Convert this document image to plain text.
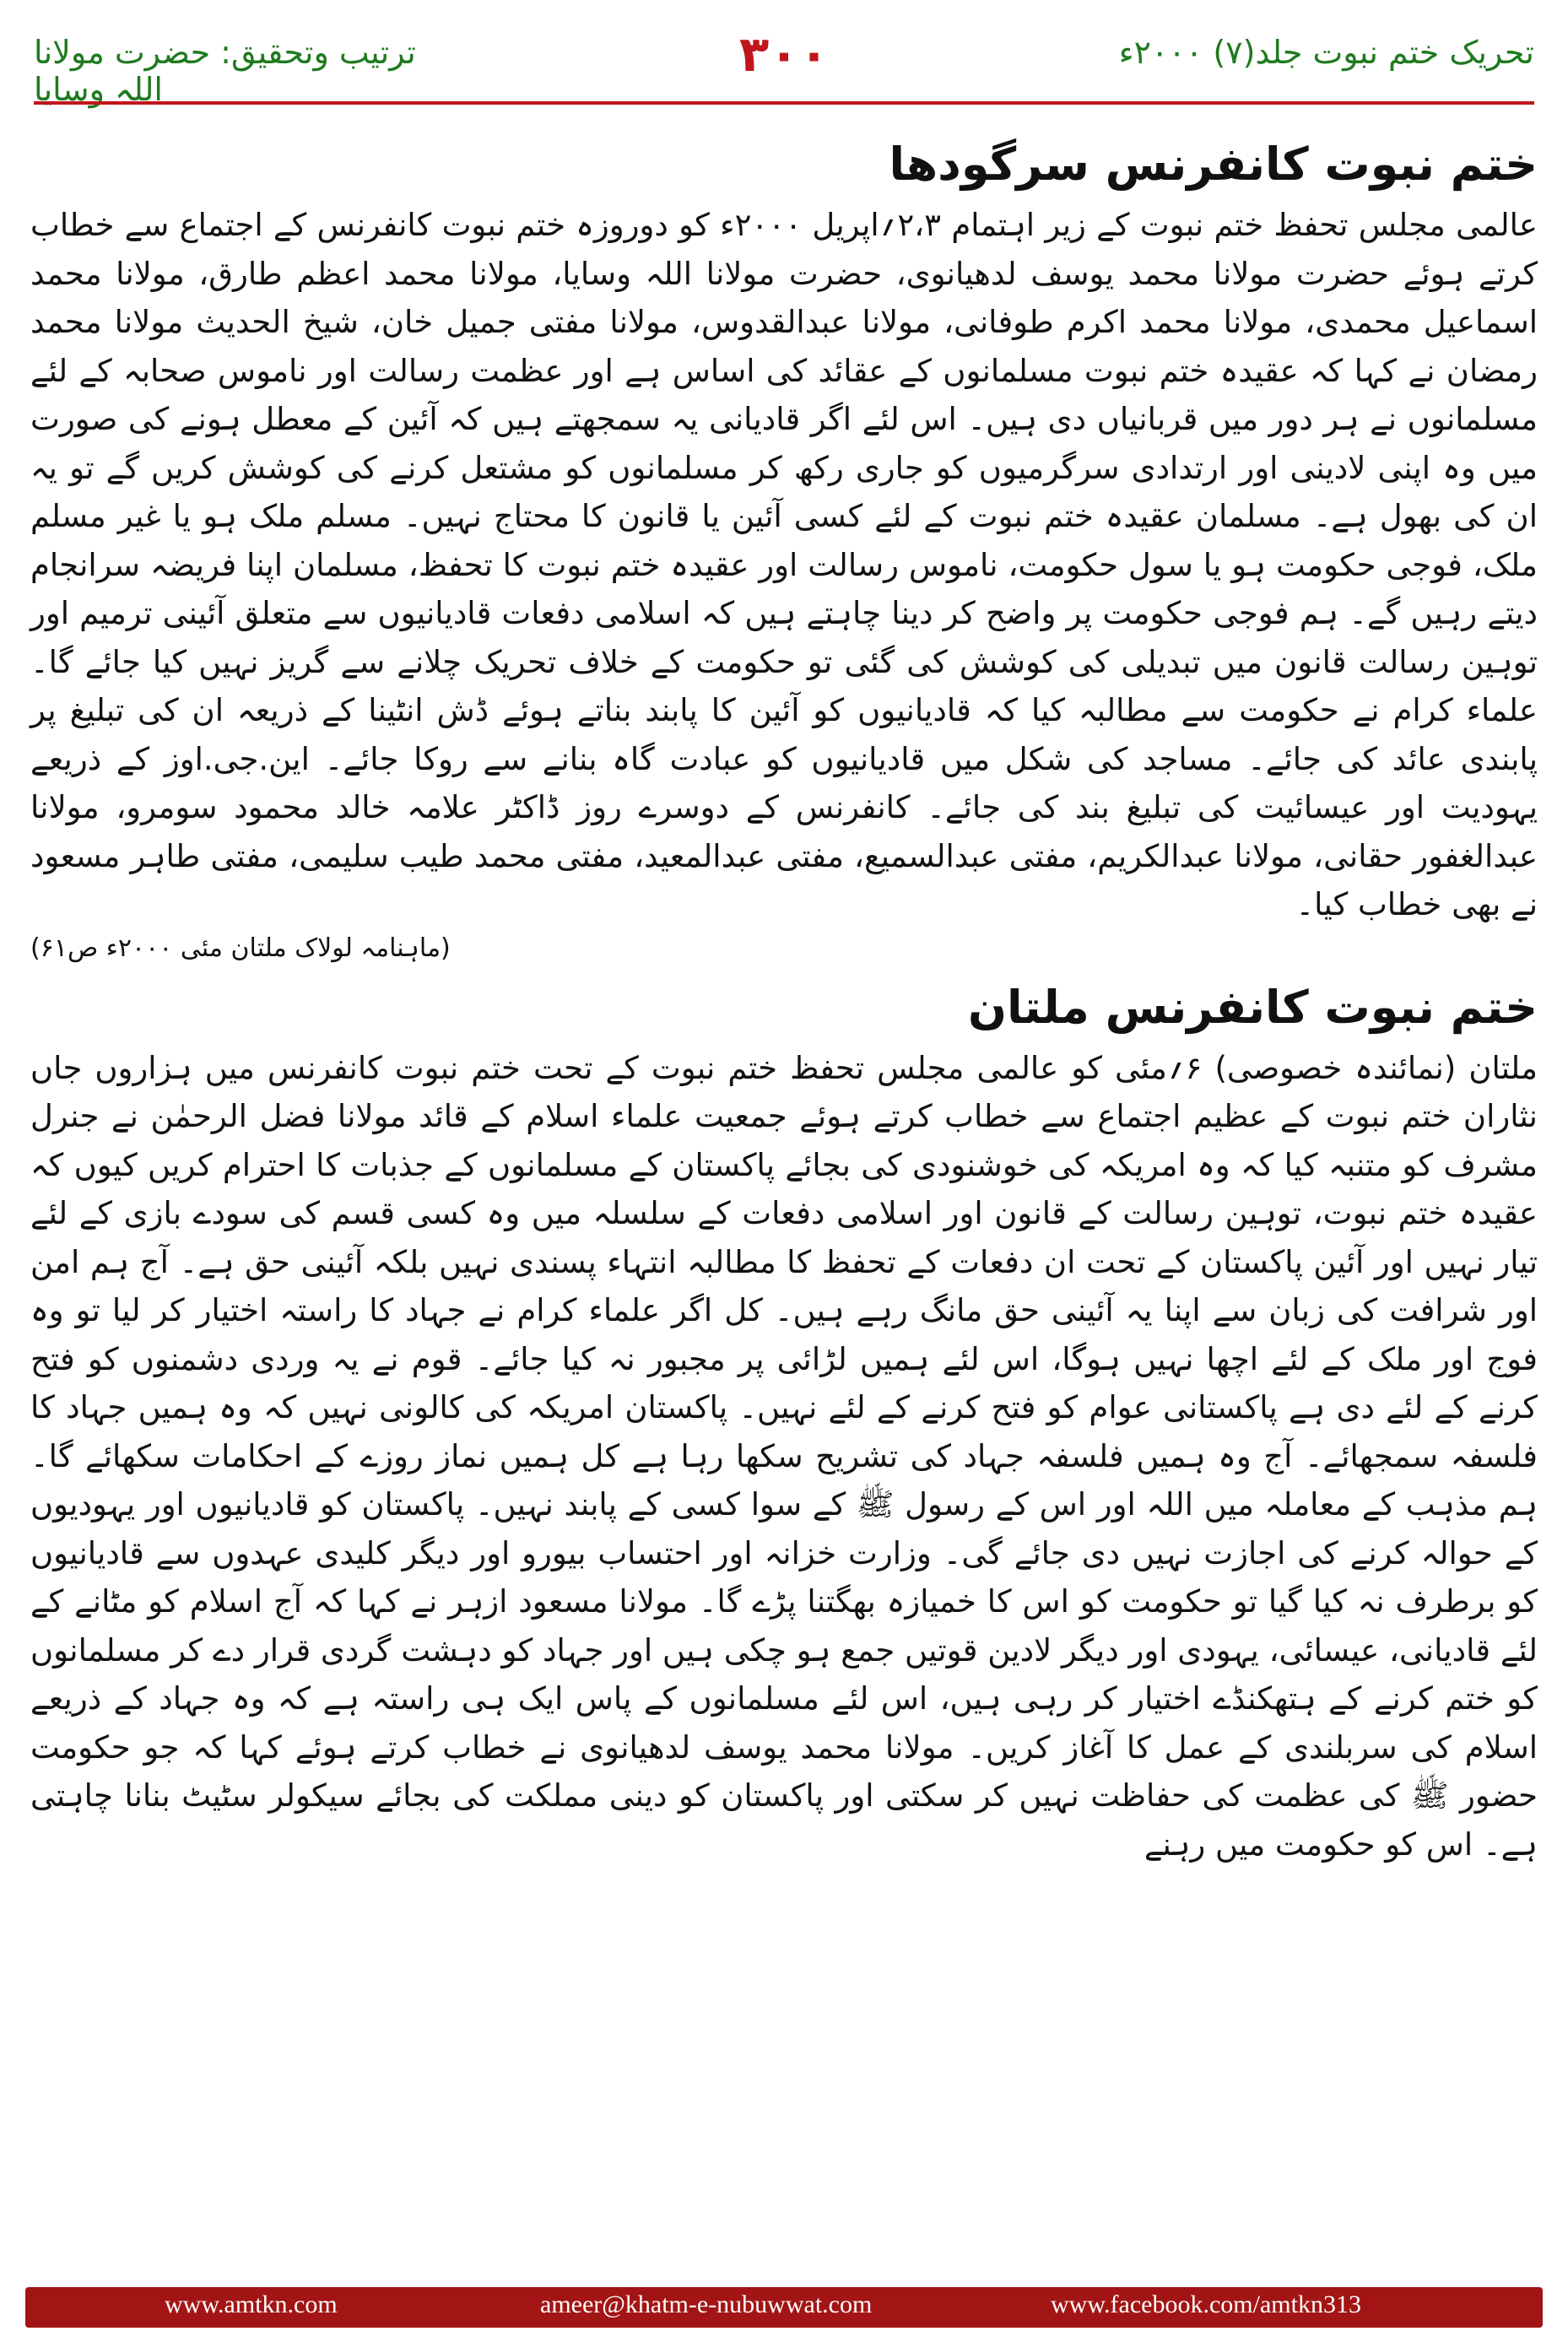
ترتیب وتحقیق: حضرت مولانا اللہ وسایا
۳۰۰	تحریک ختم نبوت جلد(۷) ۲۰۰۰ء
ختم نبوت کانفرنس سرگودھا

عالمی مجلس تحفظ ختم نبوت کے زیر اہتمام ۲،۳؍اپریل ۲۰۰۰ء کو دوروزہ ختم نبوت کانفرنس کے اجتماع سے خطاب کرتے ہوئے حضرت مولانا محمد یوسف لدھیانوی، حضرت مولانا اللہ وسایا، مولانا محمد اعظم طارق، مولانا محمد اسماعیل محمدی، مولانا محمد اکرم طوفانی، مولانا عبدالقدوس، مولانا مفتی جمیل خان، شیخ الحدیث مولانا محمد رمضان نے کہا کہ عقیدہ ختم نبوت مسلمانوں کے عقائد کی اساس ہے اور عظمت رسالت اور ناموس صحابہ کے لئے مسلمانوں نے ہر دور میں قربانیاں دی ہیں۔ اس لئے اگر قادیانی یہ سمجھتے ہیں کہ آئین کے معطل ہونے کی صورت میں وہ اپنی لادینی اور ارتدادی سرگرمیوں کو جاری رکھ کر مسلمانوں کو مشتعل کرنے کی کوشش کریں گے تو یہ ان کی بھول ہے۔ مسلمان عقیدہ ختم نبوت کے لئے کسی آئین یا قانون کا محتاج نہیں۔ مسلم ملک ہو یا غیر مسلم ملک، فوجی حکومت ہو یا سول حکومت، ناموس رسالت اور عقیدہ ختم نبوت کا تحفظ، مسلمان اپنا فریضہ سرانجام دیتے رہیں گے۔ ہم فوجی حکومت پر واضح کر دینا چاہتے ہیں کہ اسلامی دفعات قادیانیوں سے متعلق آئینی ترمیم اور توہین رسالت قانون میں تبدیلی کی کوشش کی گئی تو حکومت کے خلاف تحریک چلانے سے گریز نہیں کیا جائے گا۔ علماء کرام نے حکومت سے مطالبہ کیا کہ قادیانیوں کو آئین کا پابند بناتے ہوئے ڈش انٹینا کے ذریعہ ان کی تبلیغ پر پابندی عائد کی جائے۔ مساجد کی شکل میں قادیانیوں کو عبادت گاہ بنانے سے روکا جائے۔ این.جی.اوز کے ذریعے یہودیت اور عیسائیت کی تبلیغ بند کی جائے۔ کانفرنس کے دوسرے روز ڈاکٹر علامہ خالد محمود سومرو، مولانا عبدالغفور حقانی، مولانا عبدالکریم، مفتی عبدالسمیع، مفتی عبدالمعید، مفتی محمد طیب سلیمی، مفتی طاہر مسعود نے بھی خطاب کیا۔

(ماہنامہ لولاک ملتان مئی ۲۰۰۰ء ص۶۱)
ختم نبوت کانفرنس ملتان

ملتان (نمائندہ خصوصی) ۶؍مئی کو عالمی مجلس تحفظ ختم نبوت کے تحت ختم نبوت کانفرنس میں ہزاروں جاں نثاران ختم نبوت کے عظیم اجتماع سے خطاب کرتے ہوئے جمعیت علماء اسلام کے قائد مولانا فضل الرحمٰن نے جنرل مشرف کو متنبہ کیا کہ وہ امریکہ کی خوشنودی کی بجائے پاکستان کے مسلمانوں کے جذبات کا احترام کریں کیوں کہ عقیدہ ختم نبوت، توہین رسالت کے قانون اور اسلامی دفعات کے سلسلہ میں وہ کسی قسم کی سودے بازی کے لئے تیار نہیں اور آئین پاکستان کے تحت ان دفعات کے تحفظ کا مطالبہ انتہاء پسندی نہیں بلکہ آئینی حق ہے۔ آج ہم امن اور شرافت کی زبان سے اپنا یہ آئینی حق مانگ رہے ہیں۔ کل اگر علماء کرام نے جہاد کا راستہ اختیار کر لیا تو وہ فوج اور ملک کے لئے اچھا نہیں ہوگا، اس لئے ہمیں لڑائی پر مجبور نہ کیا جائے۔ قوم نے یہ وردی دشمنوں کو فتح کرنے کے لئے دی ہے پاکستانی عوام کو فتح کرنے کے لئے نہیں۔ پاکستان امریکہ کی کالونی نہیں کہ وہ ہمیں جہاد کا فلسفہ سمجھائے۔ آج وہ ہمیں فلسفہ جہاد کی تشریح سکھا رہا ہے کل ہمیں نماز روزے کے احکامات سکھائے گا۔ ہم مذہب کے معاملہ میں اللہ اور اس کے رسول ﷺ کے سوا کسی کے پابند نہیں۔ پاکستان کو قادیانیوں اور یہودیوں کے حوالہ کرنے کی اجازت نہیں دی جائے گی۔ وزارت خزانہ اور احتساب بیورو اور دیگر کلیدی عہدوں سے قادیانیوں کو برطرف نہ کیا گیا تو حکومت کو اس کا خمیازہ بھگتنا پڑے گا۔ مولانا مسعود ازہر نے کہا کہ آج اسلام کو مٹانے کے لئے قادیانی، عیسائی، یہودی اور دیگر لادین قوتیں جمع ہو چکی ہیں اور جہاد کو دہشت گردی قرار دے کر مسلمانوں کو ختم کرنے کے ہتھکنڈے اختیار کر رہی ہیں، اس لئے مسلمانوں کے پاس ایک ہی راستہ ہے کہ وہ جہاد کے ذریعے اسلام کی سربلندی کے عمل کا آغاز کریں۔ مولانا محمد یوسف لدھیانوی نے خطاب کرتے ہوئے کہا کہ جو حکومت حضور ﷺ کی عظمت کی حفاظت نہیں کر سکتی اور پاکستان کو دینی مملکت کی بجائے سیکولر سٹیٹ بنانا چاہتی ہے۔ اس کو حکومت میں رہنے

www.amtkn.com	ameer@khatm-e-nubuwwat.com	www.facebook.com/amtkn313
